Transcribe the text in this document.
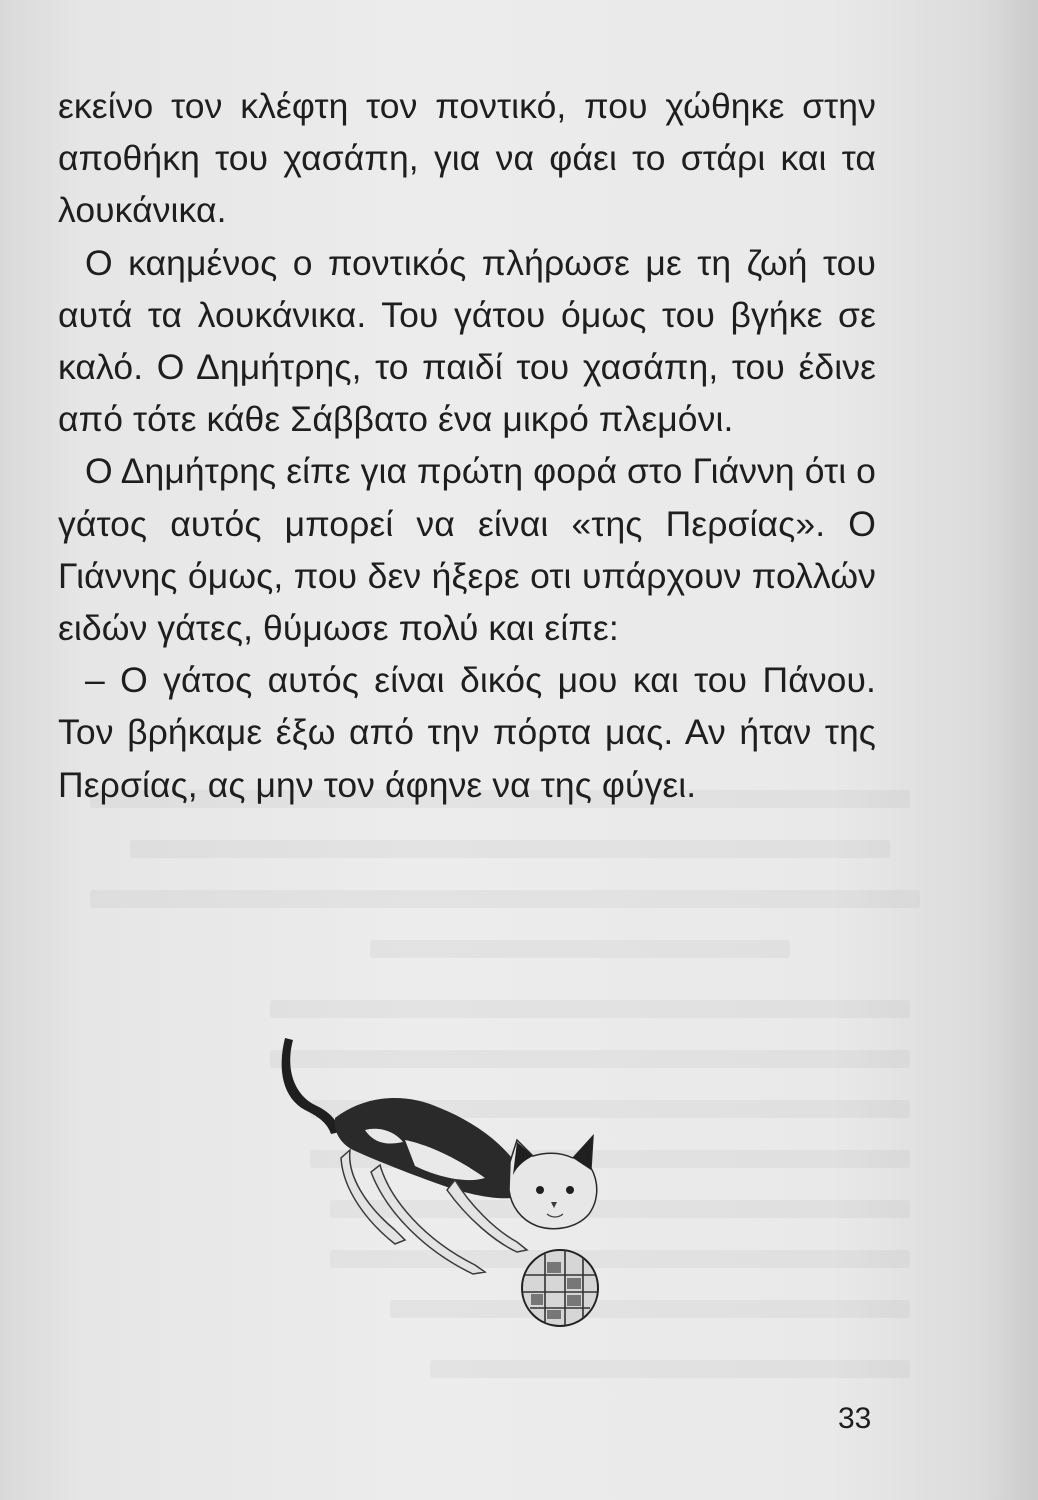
εκείνο τον κλέφτη τον ποντικό, που χώθηκε στην αποθήκη του χασάπη, για να φάει το στάρι και τα λουκάνικα.

Ο καημένος ο ποντικός πλήρωσε με τη ζωή του αυτά τα λουκάνικα. Του γάτου όμως του βγήκε σε καλό. Ο Δημήτρης, το παιδί του χασάπη, του έδινε από τότε κάθε Σάββατο ένα μικρό πλεμόνι.

Ο Δημήτρης είπε για πρώτη φορά στο Γιάννη ότι ο γάτος αυτός μπορεί να είναι «της Περσίας». Ο Γιάννης όμως, που δεν ήξερε οτι υπάρχουν πολλών ειδών γάτες, θύμωσε πολύ και είπε:

– Ο γάτος αυτός είναι δικός μου και του Πάνου. Τον βρήκαμε έξω από την πόρτα μας. Αν ήταν της Περσίας, ας μην τον άφηνε να της φύγει.

33
